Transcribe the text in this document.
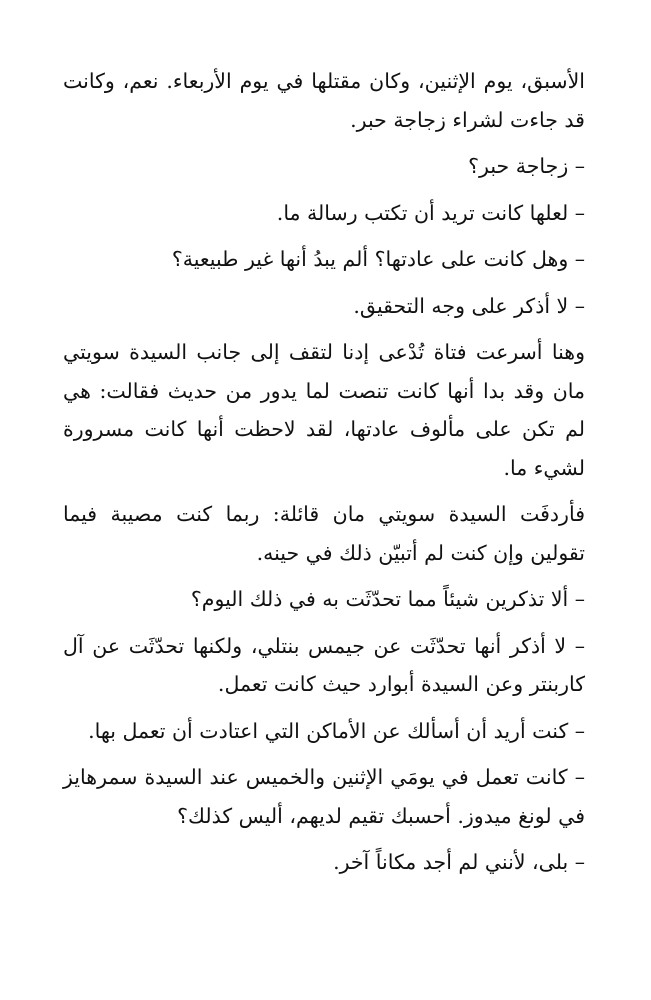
الأسبق، يوم الإثنين، وكان مقتلها في يوم الأربعاء. نعم، وكانت قد جاءت لشراء زجاجة حبر.

– زجاجة حبر؟

– لعلها كانت تريد أن تكتب رسالة ما.

– وهل كانت على عادتها؟ ألم يبدُ أنها غير طبيعية؟

– لا أذكر على وجه التحقيق.

وهنا أسرعت فتاة تُدْعى إدنا لتقف إلى جانب السيدة سويتي مان وقد بدا أنها كانت تنصت لما يدور من حديث فقالت: هي لم تكن على مألوف عادتها، لقد لاحظت أنها كانت مسرورة لشيء ما.

فأردفَت السيدة سويتي مان قائلة: ربما كنت مصيبة فيما تقولين وإن كنت لم أتبيّن ذلك في حينه.

– ألا تذكرين شيئاً مما تحدّثَت به في ذلك اليوم؟

– لا أذكر أنها تحدّثَت عن جيمس بنتلي، ولكنها تحدّثَت عن آل كاربنتر وعن السيدة أبوارد حيث كانت تعمل.

– كنت أريد أن أسألك عن الأماكن التي اعتادت أن تعمل بها.

– كانت تعمل في يومَي الإثنين والخميس عند السيدة سمرهايز في لونغ ميدوز. أحسبك تقيم لديهم، أليس كذلك؟

– بلى، لأنني لم أجد مكاناً آخر.
